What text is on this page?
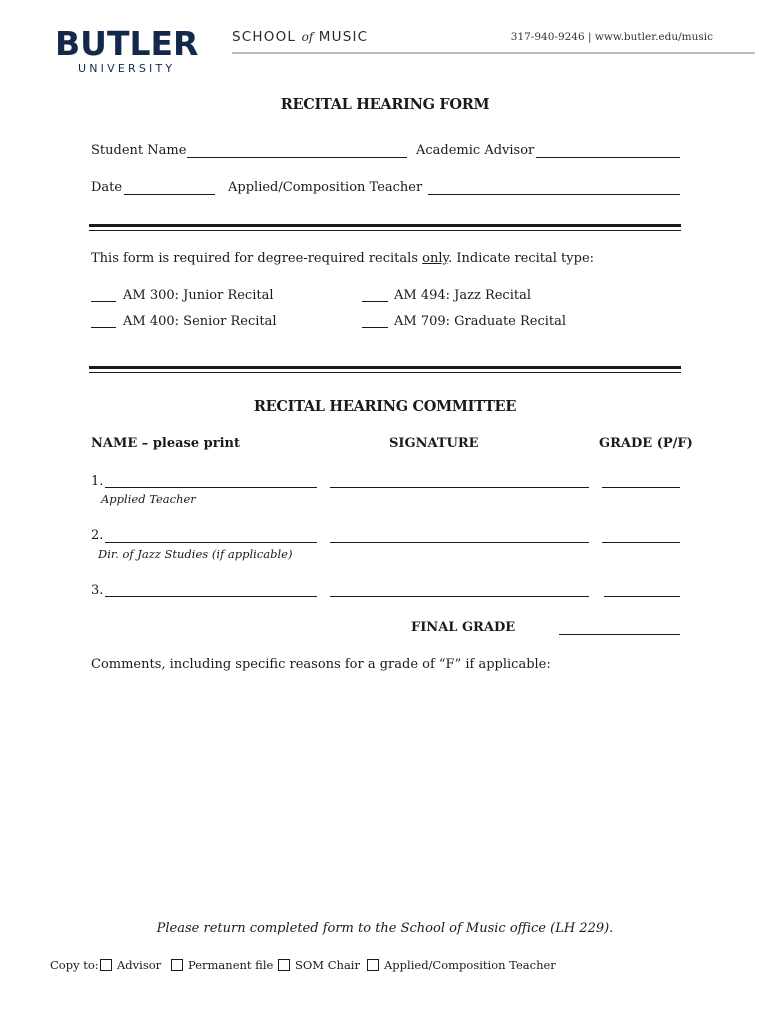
BUTLER
UNIVERSITY
SCHOOL of MUSIC	317-940-9246 | www.butler.edu/music
RECITAL HEARING FORM
Student Name	Academic Advisor
Date	Applied/Composition Teacher
This form is required for degree-required recitals only. Indicate recital type:
AM 300: Junior Recital	AM 494: Jazz Recital
AM 400: Senior Recital	AM 709: Graduate Recital
RECITAL HEARING COMMITTEE
NAME – please print	SIGNATURE	GRADE (P/F)
1.
Applied Teacher
2.
Dir. of Jazz Studies (if applicable)
3.
FINAL GRADE
Comments, including specific reasons for a grade of “F” if applicable:
Please return completed form to the School of Music office (LH 229).
Copy to: Advisor Permanent file SOM Chair Applied/Composition Teacher
